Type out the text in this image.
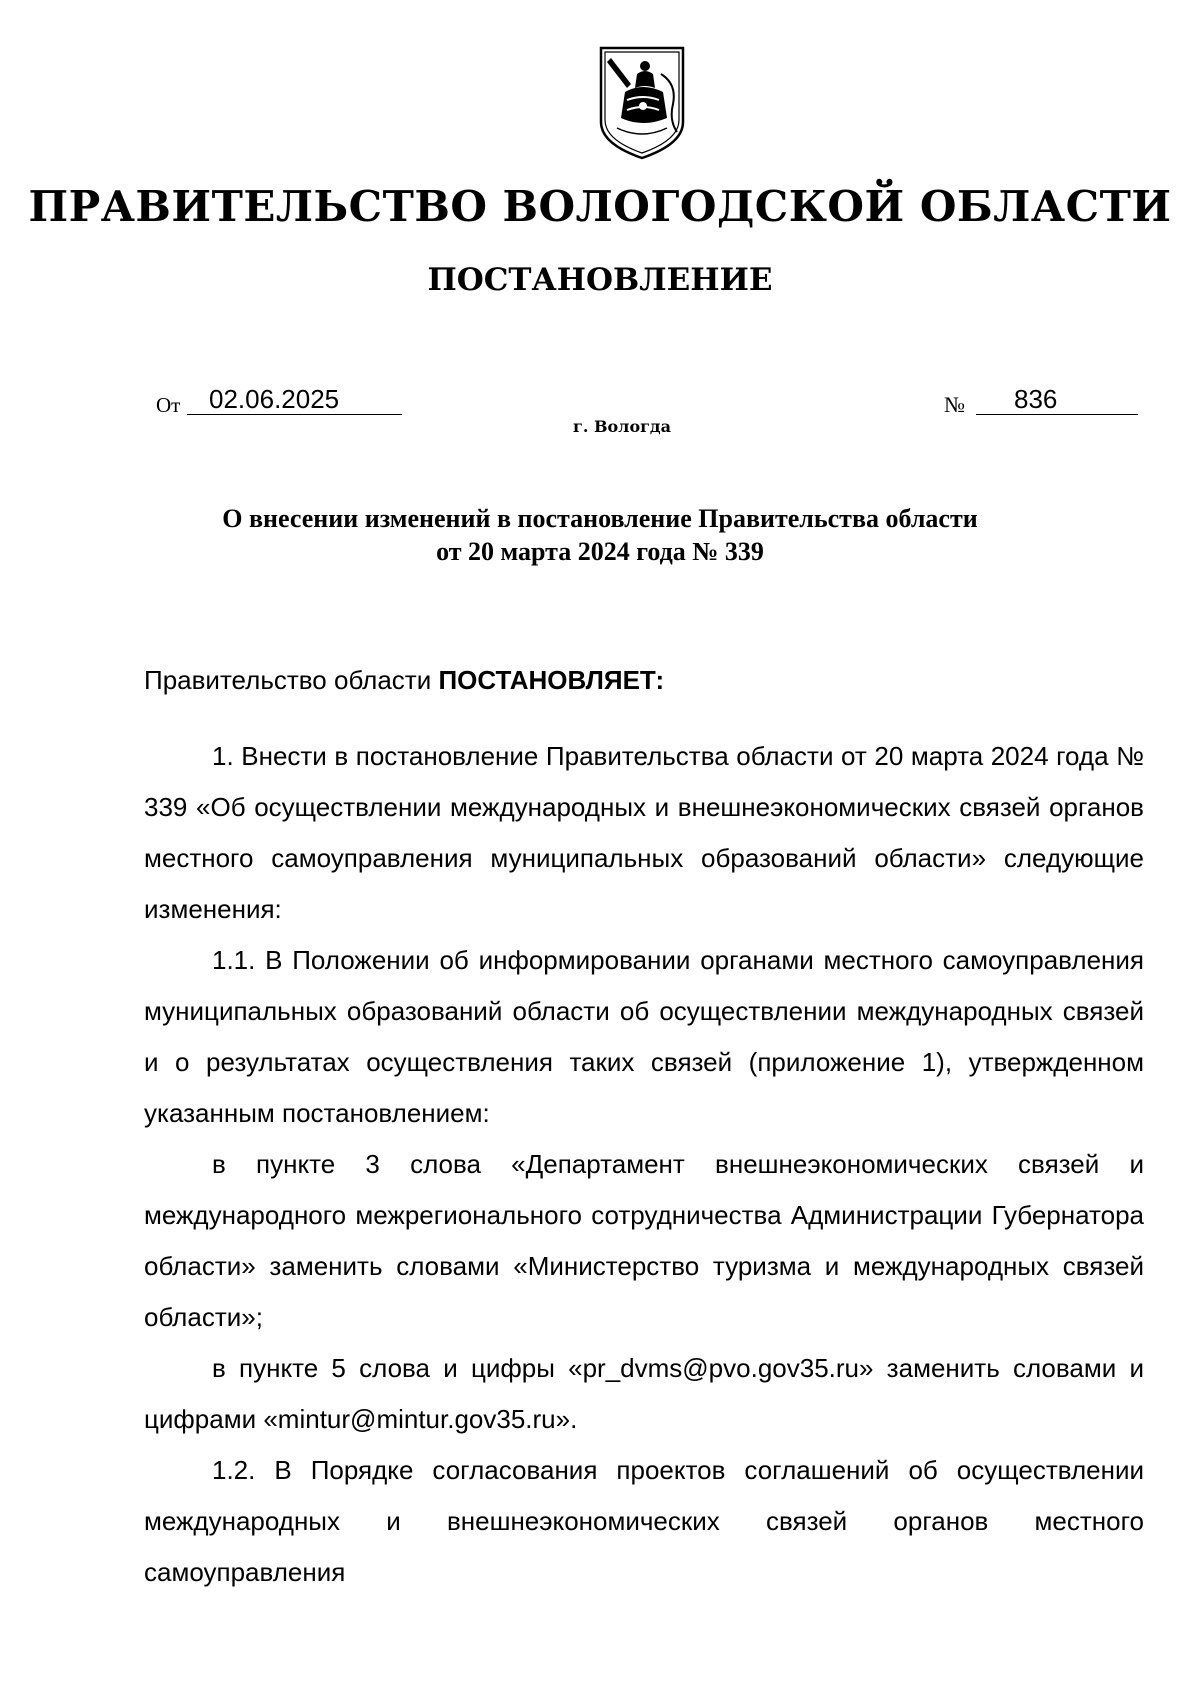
ПРАВИТЕЛЬСТВО ВОЛОГОДСКОЙ ОБЛАСТИ
ПОСТАНОВЛЕНИЕ
От	02.06.2025	№	836
г. Вологда
О внесении изменений в постановление Правительства области
от 20 марта 2024 года № 339
Правительство области ПОСТАНОВЛЯЕТ:

1. Внести в постановление Правительства области от 20 марта 2024 года № 339 «Об осуществлении международных и внешнеэкономических связей органов местного самоуправления муниципальных образований области» следующие изменения:

1.1. В Положении об информировании органами местного самоуправления муниципальных образований области об осуществлении международных связей и о результатах осуществления таких связей (приложение 1), утвержденном указанным постановлением:

в пункте 3 слова «Департамент внешнеэкономических связей и международного межрегионального сотрудничества Администрации Губернатора области» заменить словами «Министерство туризма и международных связей области»;

в пункте 5 слова и цифры «pr_dvms@pvo.gov35.ru» заменить словами и цифрами «mintur@mintur.gov35.ru».

1.2. В Порядке согласования проектов соглашений об осуществлении международных и внешнеэкономических связей органов местного самоуправления
